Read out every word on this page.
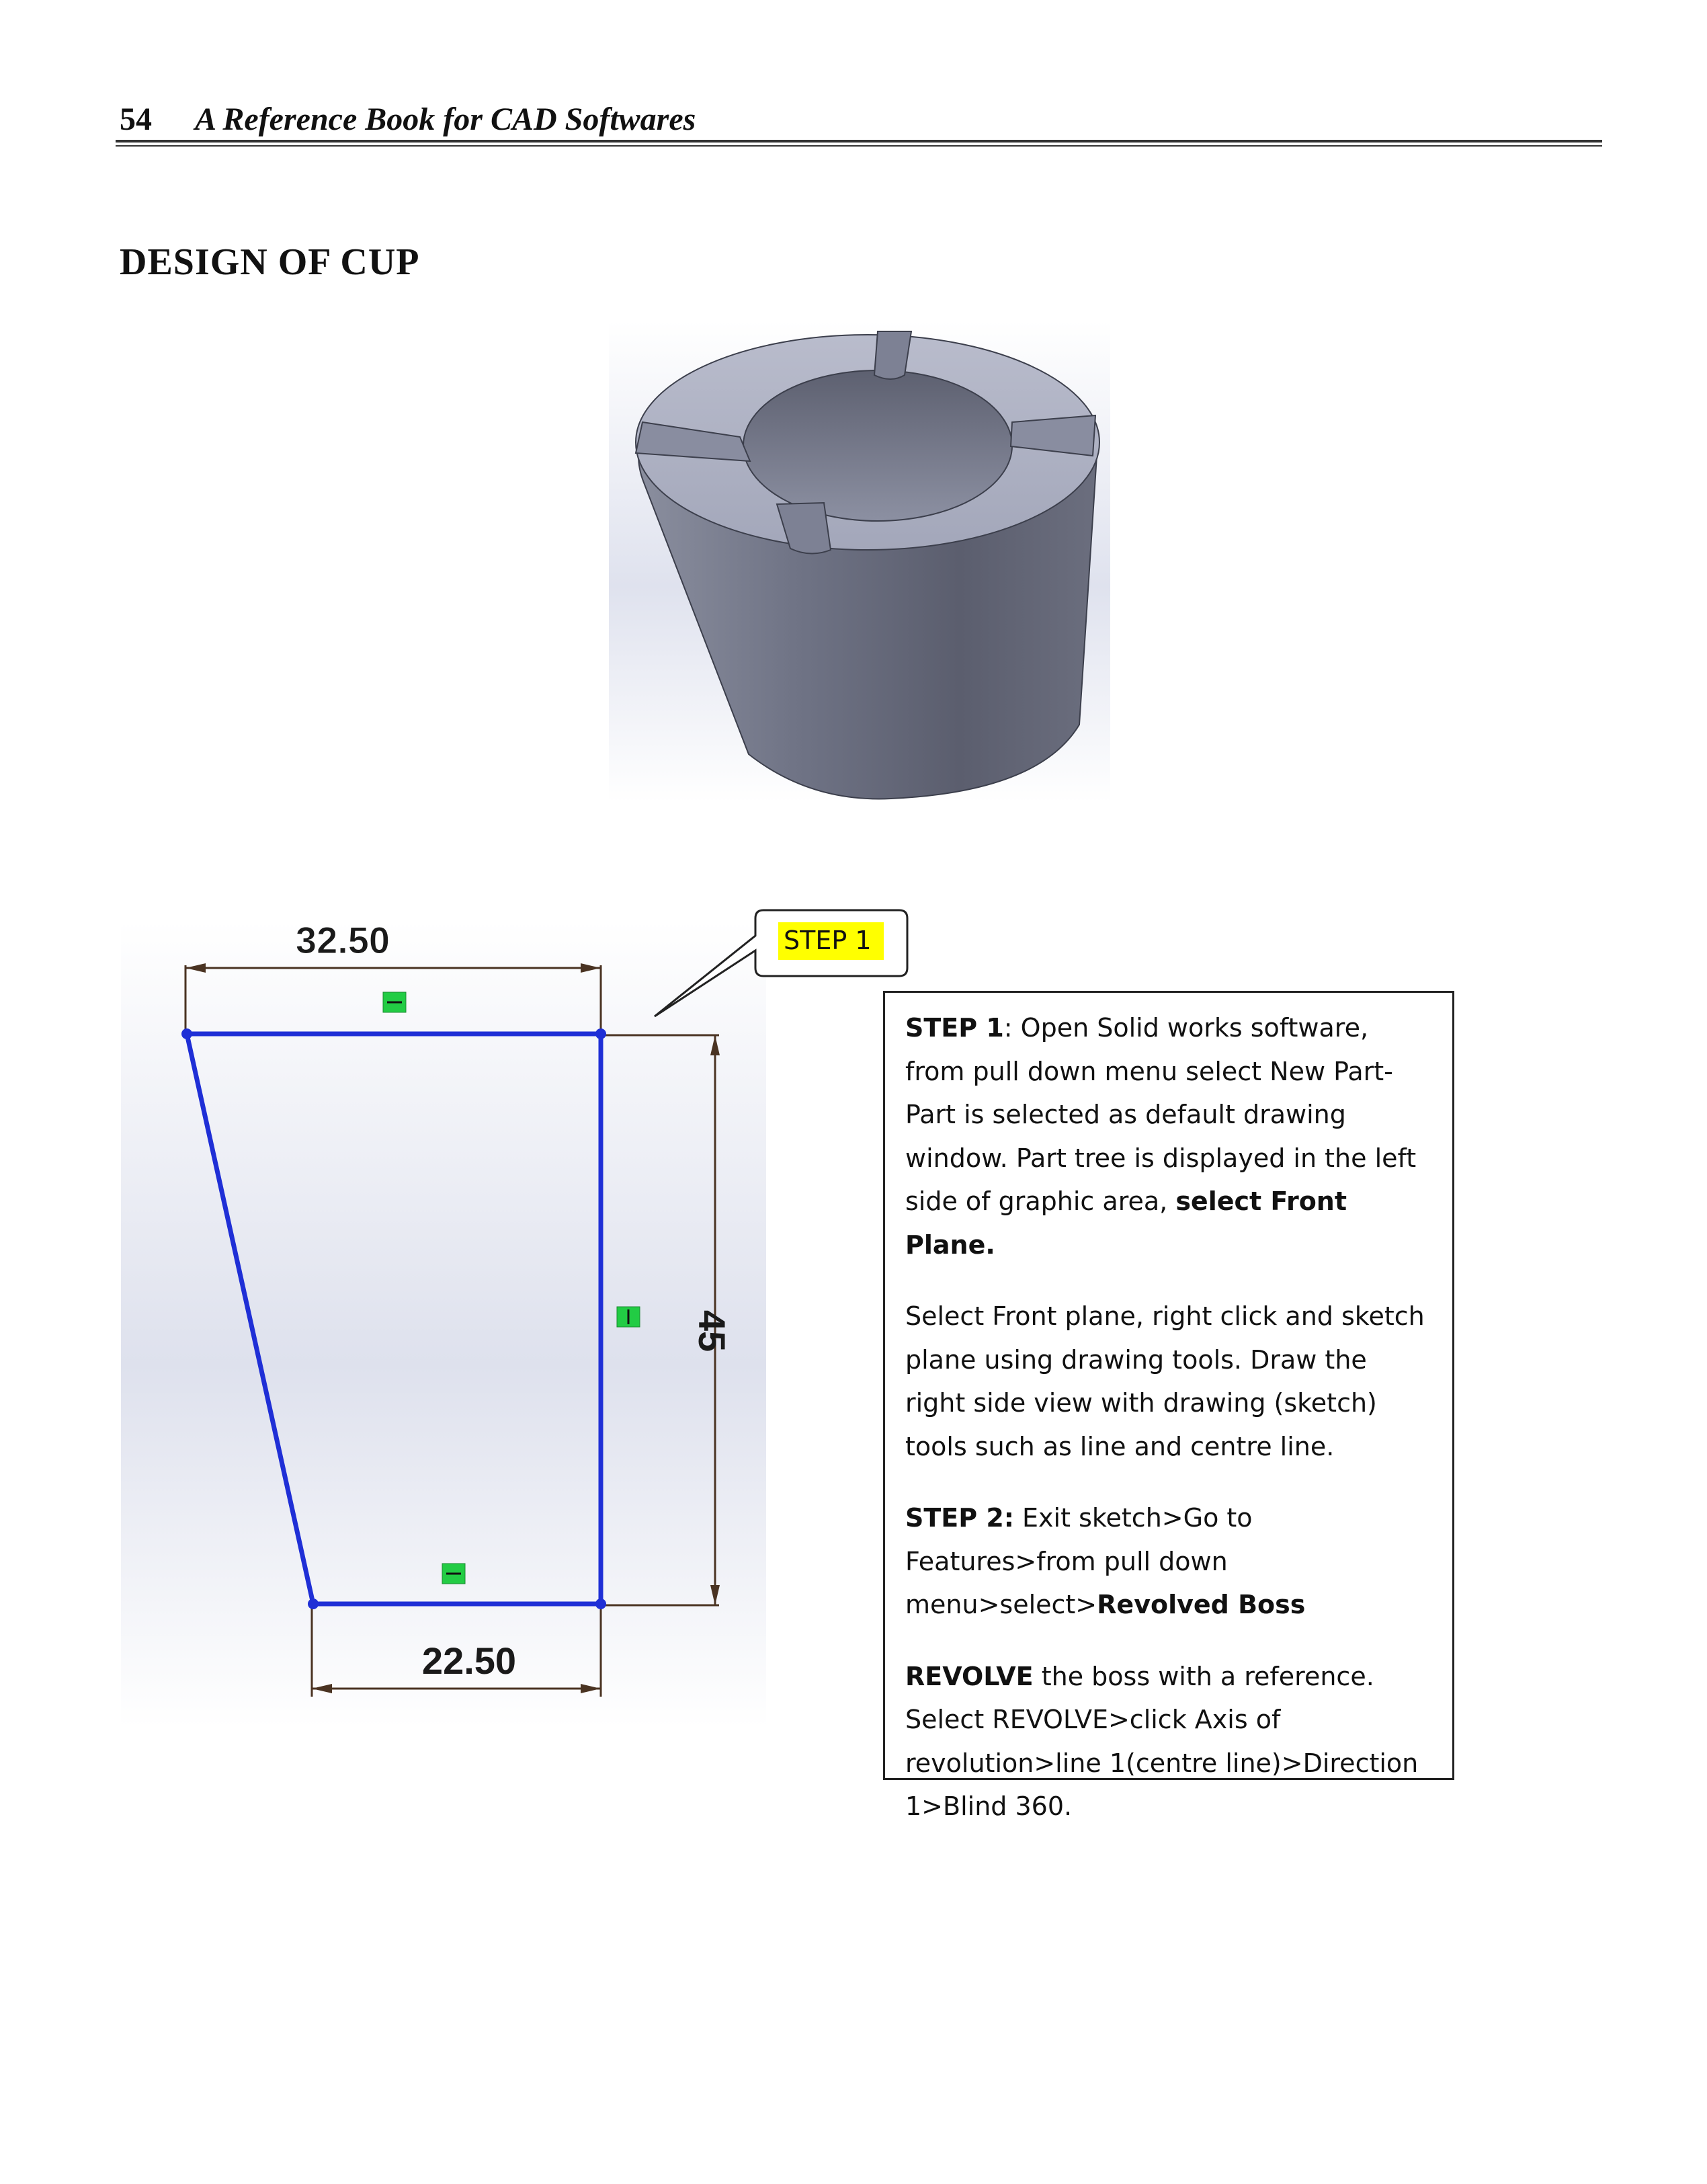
54 A Reference Book for CAD Softwares
DESIGN OF CUP
32.50
45
22.50
STEP 1

STEP 1: Open Solid works software, from pull down menu select New Part-Part is selected as default drawing window. Part tree is displayed in the left side of graphic area, select Front Plane.

Select Front plane, right click and sketch plane using drawing tools. Draw the right side view with drawing (sketch) tools such as line and centre line.

STEP 2: Exit sketch>Go to Features>from pull down menu>select>Revolved Boss

REVOLVE the boss with a reference. Select REVOLVE>click Axis of revolution>line 1(centre line)>Direction 1>Blind 360.
